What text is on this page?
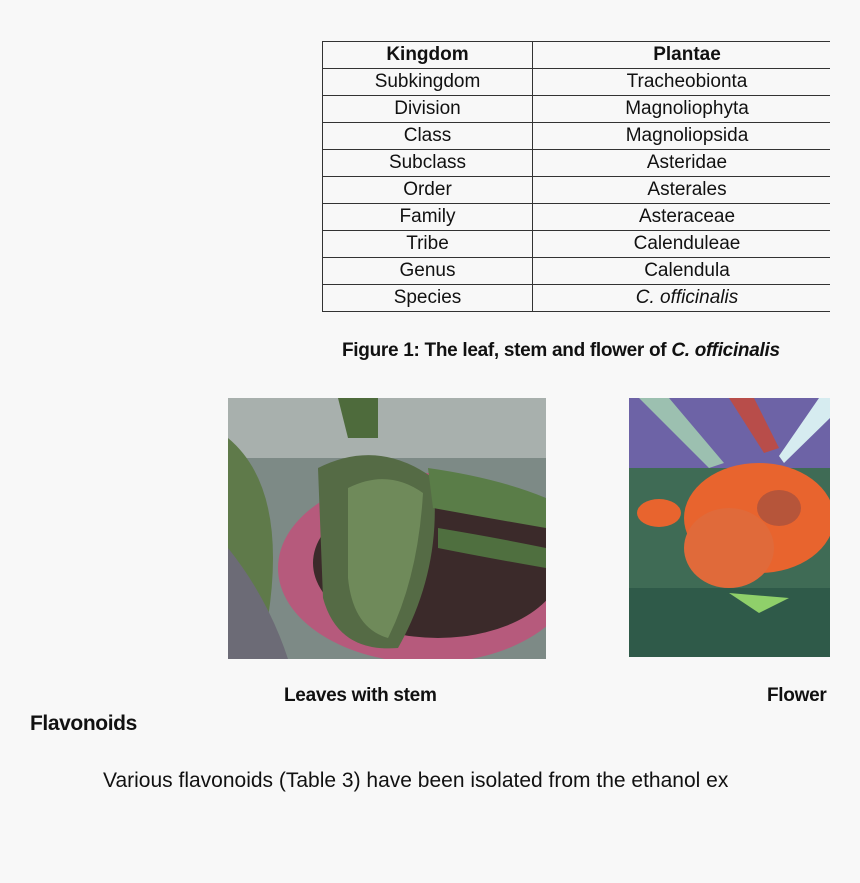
Kingdom	Plantae
Subkingdom	Tracheobionta
Division	Magnoliophyta
Class	Magnoliopsida
Subclass	Asteridae
Order	Asterales
Family	Asteraceae
Tribe	Calenduleae
Genus	Calendula
Species	C. officinalis
Figure 1: The leaf, stem and flower of C. officinalis
Leaves with stem	Flower
Flavonoids
Various flavonoids (Table 3) have been isolated from the ethanol ex
